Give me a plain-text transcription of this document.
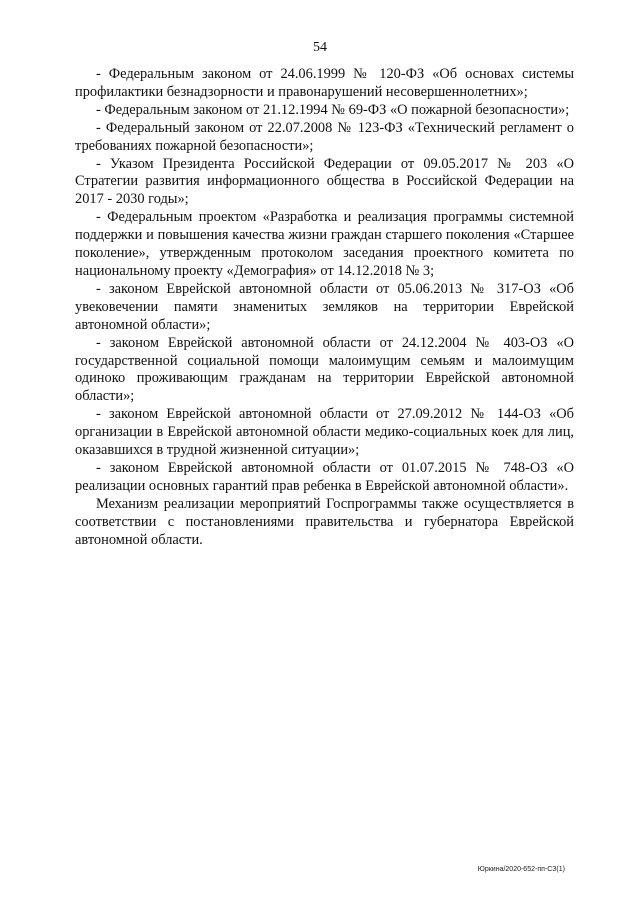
54

- Федеральным законом от 24.06.1999 № 120-ФЗ «Об основах системы профилактики безнадзорности и правонарушений несовершеннолетних»;

- Федеральным законом от 21.12.1994 № 69-ФЗ «О пожарной безопасности»;

- Федеральный законом от 22.07.2008 № 123-ФЗ «Технический регламент о требованиях пожарной безопасности»;

- Указом Президента Российской Федерации от 09.05.2017 № 203 «О Стратегии развития информационного общества в Российской Федерации на 2017 - 2030 годы»;

- Федеральным проектом «Разработка и реализация программы системной поддержки и повышения качества жизни граждан старшего поколения «Старшее поколение», утвержденным протоколом заседания проектного комитета по национальному проекту «Демография» от 14.12.2018 № 3;

- законом Еврейской автономной области от 05.06.2013 № 317-ОЗ «Об увековечении памяти знаменитых земляков на территории Еврейской автономной области»;

- законом Еврейской автономной области от 24.12.2004 № 403-ОЗ «О государственной социальной помощи малоимущим семьям и малоимущим одиноко проживающим гражданам на территории Еврейской автономной области»;

- законом Еврейской автономной области от 27.09.2012 № 144-ОЗ «Об организации в Еврейской автономной области медико-социальных коек для лиц, оказавшихся в трудной жизненной ситуации»;

- законом Еврейской автономной области от 01.07.2015 № 748-ОЗ «О реализации основных гарантий прав ребенка в Еврейской автономной области».

Механизм реализации мероприятий Госпрограммы также осуществляется в соответствии с постановлениями правительства и губернатора Еврейской автономной области.

Юркина/2020-652-пп-СЗ(1)
